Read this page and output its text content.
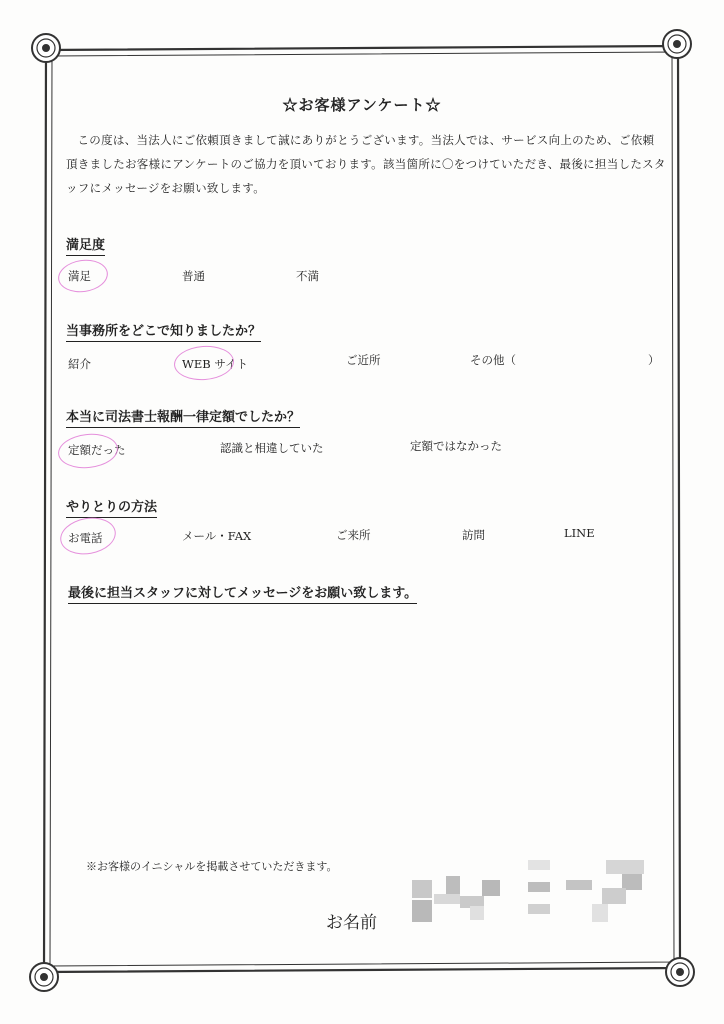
☆お客様アンケート☆
この度は、当法人にご依頼頂きまして誠にありがとうございます。当法人では、サービス向上のため、ご依頼頂きましたお客様にアンケートのご協力を頂いております。該当箇所に〇をつけていただき、最後に担当したスタッフにメッセージをお願い致します。
満足度
満足	普通	不満
当事務所をどこで知りましたか？
紹介	WEB サイト	ご近所	その他（	）
本当に司法書士報酬一律定額でしたか？
定額だった	認識と相違していた	定額ではなかった
やりとりの方法
お電話	メール・FAX	ご来所	訪問	LINE
最後に担当スタッフに対してメッセージをお願い致します。
※お客様のイニシャルを掲載させていただきます。
お名前
